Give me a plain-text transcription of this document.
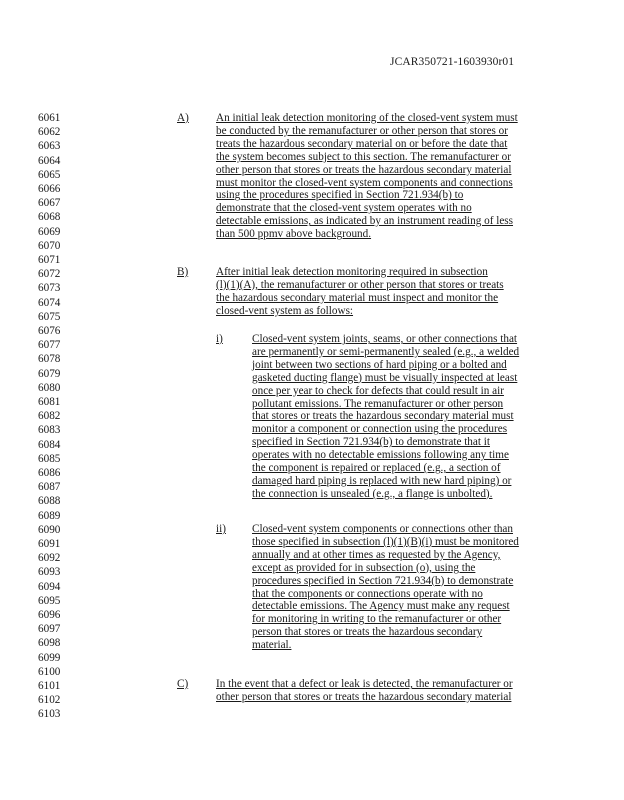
JCAR350721-1603930r01
6061
6062
6063
6064
6065
6066
6067
6068
6069
6070
6071
6072
6073
6074
6075
6076
6077
6078
6079
6080
6081
6082
6083
6084
6085
6086
6087
6088
6089
6090
6091
6092
6093
6094
6095
6096
6097
6098
6099
6100
6101
6102
6103
A)
B)
i)
ii)
C)
An initial leak detection monitoring of the closed-vent system must
be conducted by the remanufacturer or other person that stores or
treats the hazardous secondary material on or before the date that
the system becomes subject to this section. The remanufacturer or
other person that stores or treats the hazardous secondary material
must monitor the closed-vent system components and connections
using the procedures specified in Section 721.934(b) to
demonstrate that the closed-vent system operates with no
detectable emissions, as indicated by an instrument reading of less
than 500 ppmv above background.
After initial leak detection monitoring required in subsection
(l)(1)(A), the remanufacturer or other person that stores or treats
the hazardous secondary material must inspect and monitor the
closed-vent system as follows:
Closed-vent system joints, seams, or other connections that
are permanently or semi-permanently sealed (e.g., a welded
joint between two sections of hard piping or a bolted and
gasketed ducting flange) must be visually inspected at least
once per year to check for defects that could result in air
pollutant emissions. The remanufacturer or other person
that stores or treats the hazardous secondary material must
monitor a component or connection using the procedures
specified in Section 721.934(b) to demonstrate that it
operates with no detectable emissions following any time
the component is repaired or replaced (e.g., a section of
damaged hard piping is replaced with new hard piping) or
the connection is unsealed (e.g., a flange is unbolted).
Closed-vent system components or connections other than
those specified in subsection (l)(1)(B)(i) must be monitored
annually and at other times as requested by the Agency,
except as provided for in subsection (o), using the
procedures specified in Section 721.934(b) to demonstrate
that the components or connections operate with no
detectable emissions. The Agency must make any request
for monitoring in writing to the remanufacturer or other
person that stores or treats the hazardous secondary
material.
In the event that a defect or leak is detected, the remanufacturer or
other person that stores or treats the hazardous secondary material
